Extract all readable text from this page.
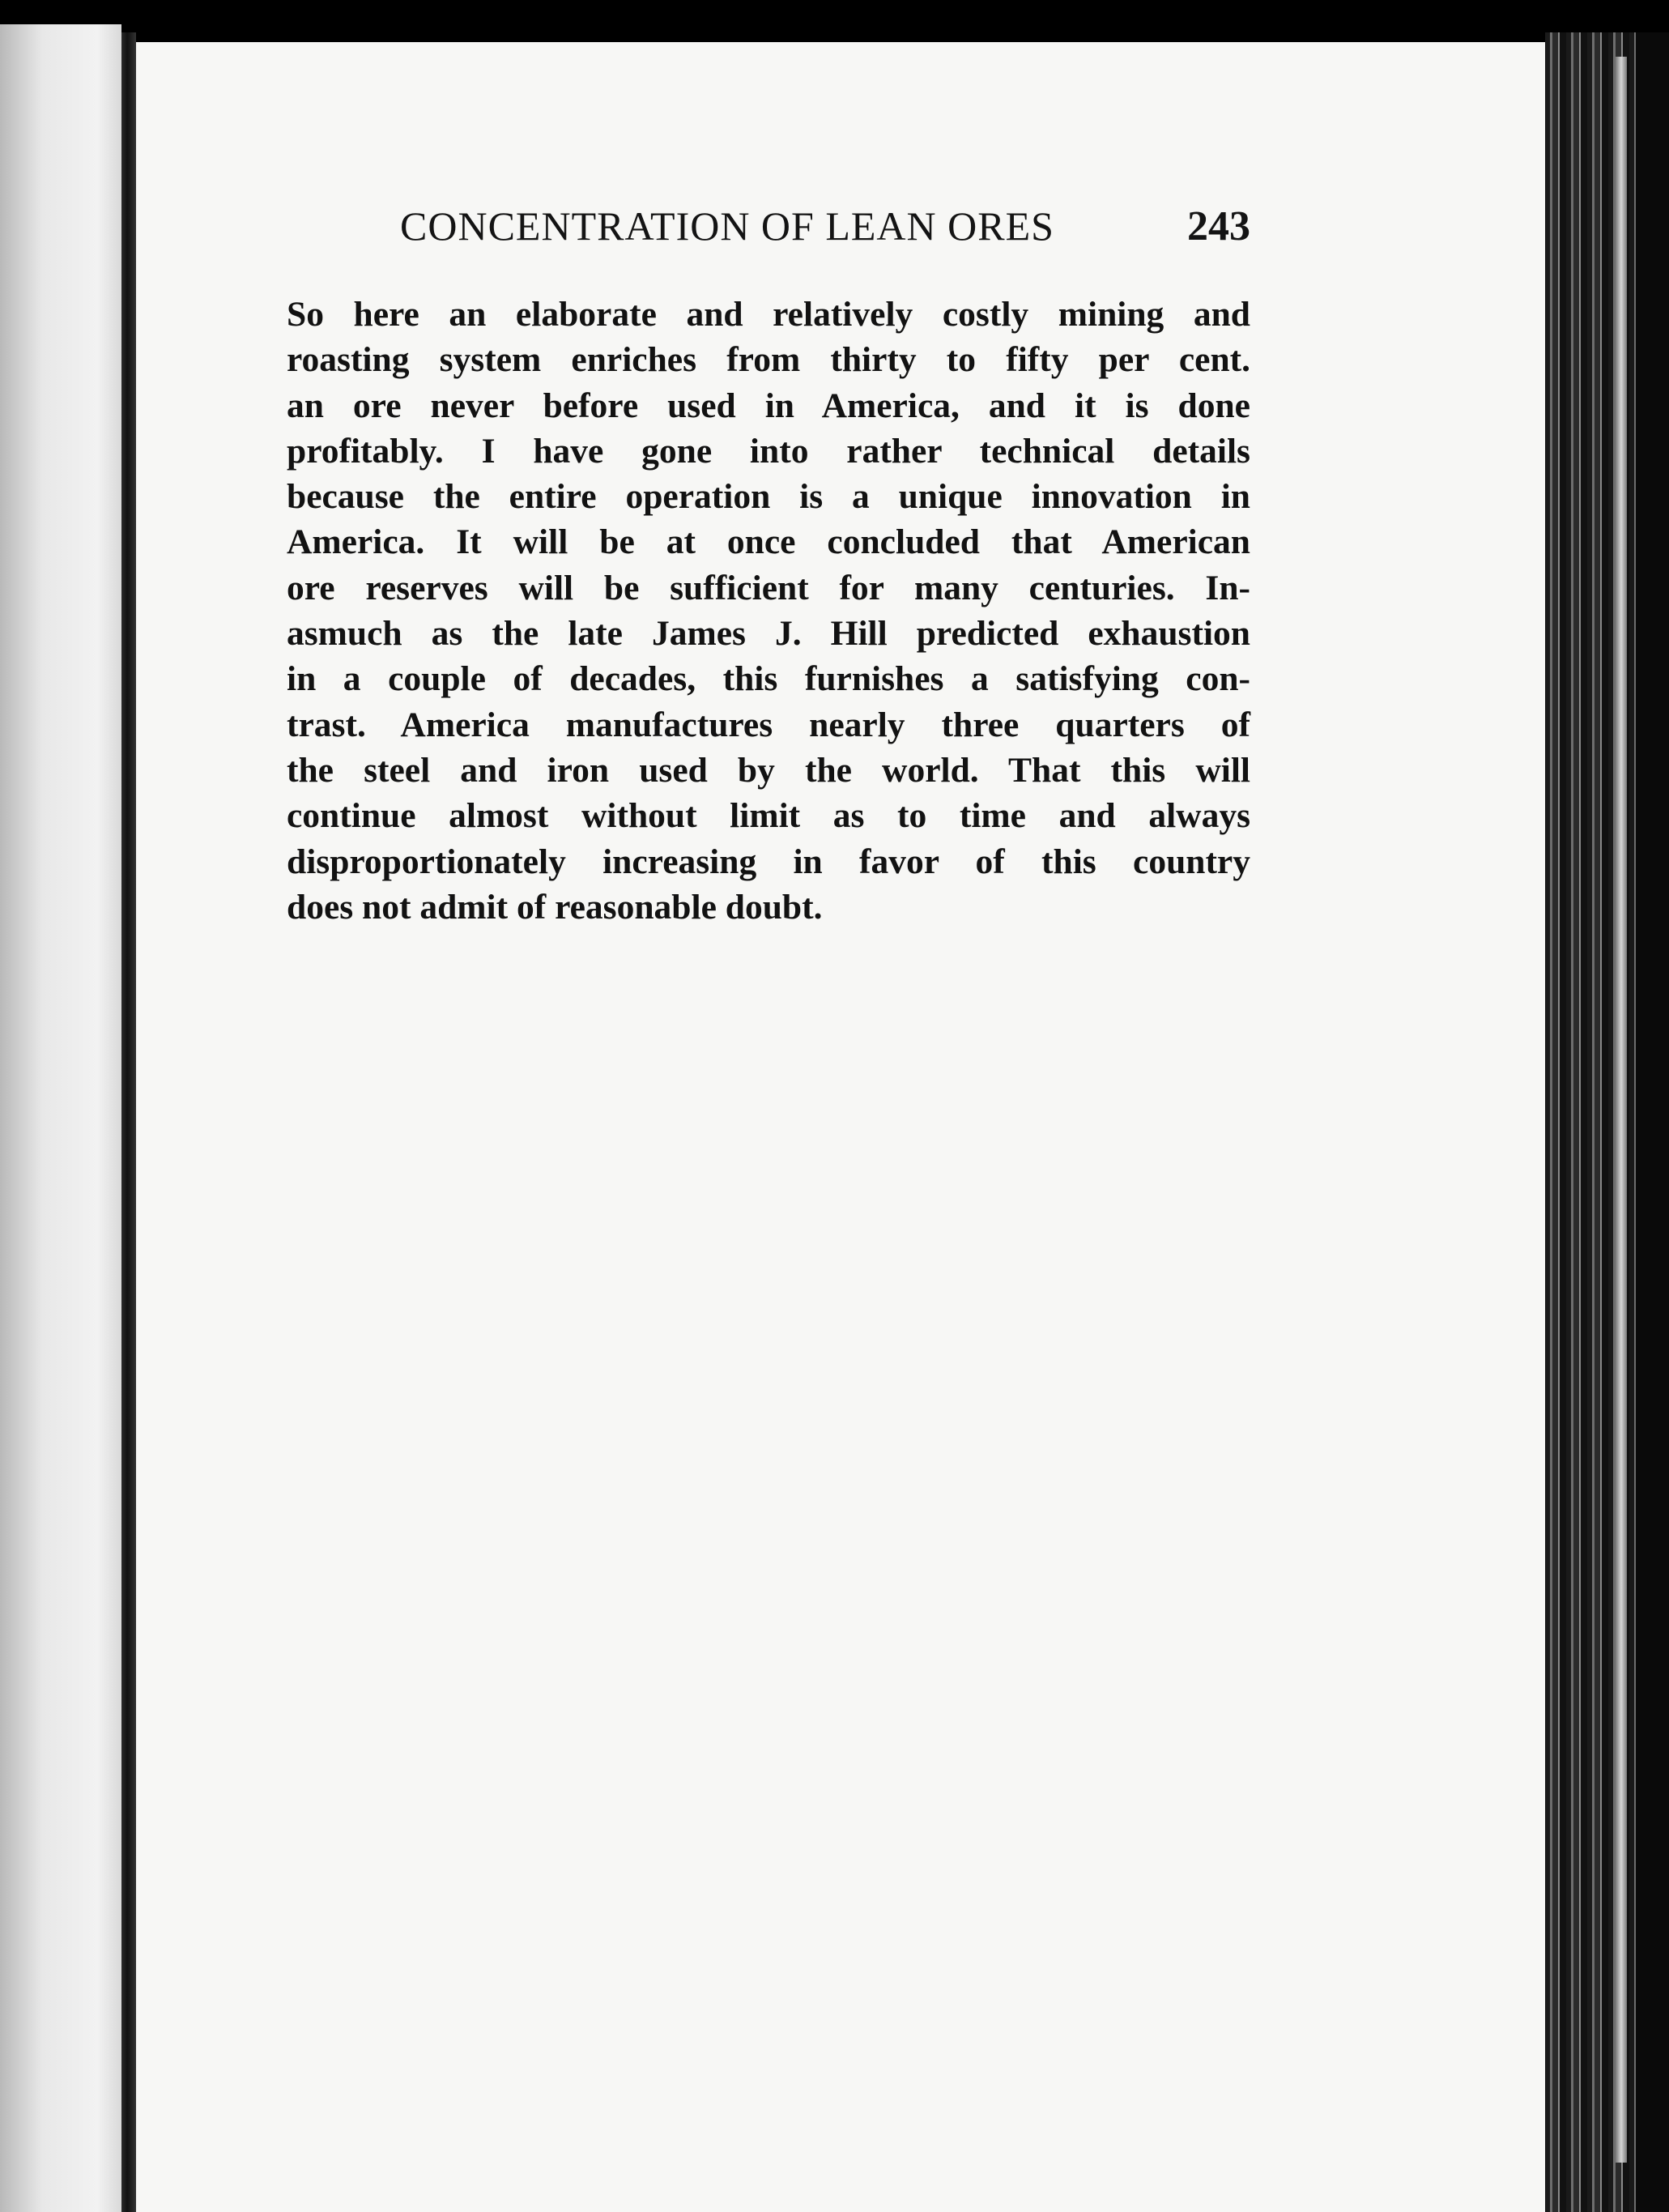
CONCENTRATION OF LEAN ORES	243
So here an elaborate and relatively costly mining and
roasting system enriches from thirty to fifty per cent.
an ore never before used in America, and it is done
profitably. I have gone into rather technical details
because the entire operation is a unique innovation in
America. It will be at once concluded that American
ore reserves will be sufficient for many centuries. In-
asmuch as the late James J. Hill predicted exhaustion
in a couple of decades, this furnishes a satisfying con-
trast. America manufactures nearly three quarters of
the steel and iron used by the world. That this will
continue almost without limit as to time and always
disproportionately increasing in favor of this country
does not admit of reasonable doubt.
